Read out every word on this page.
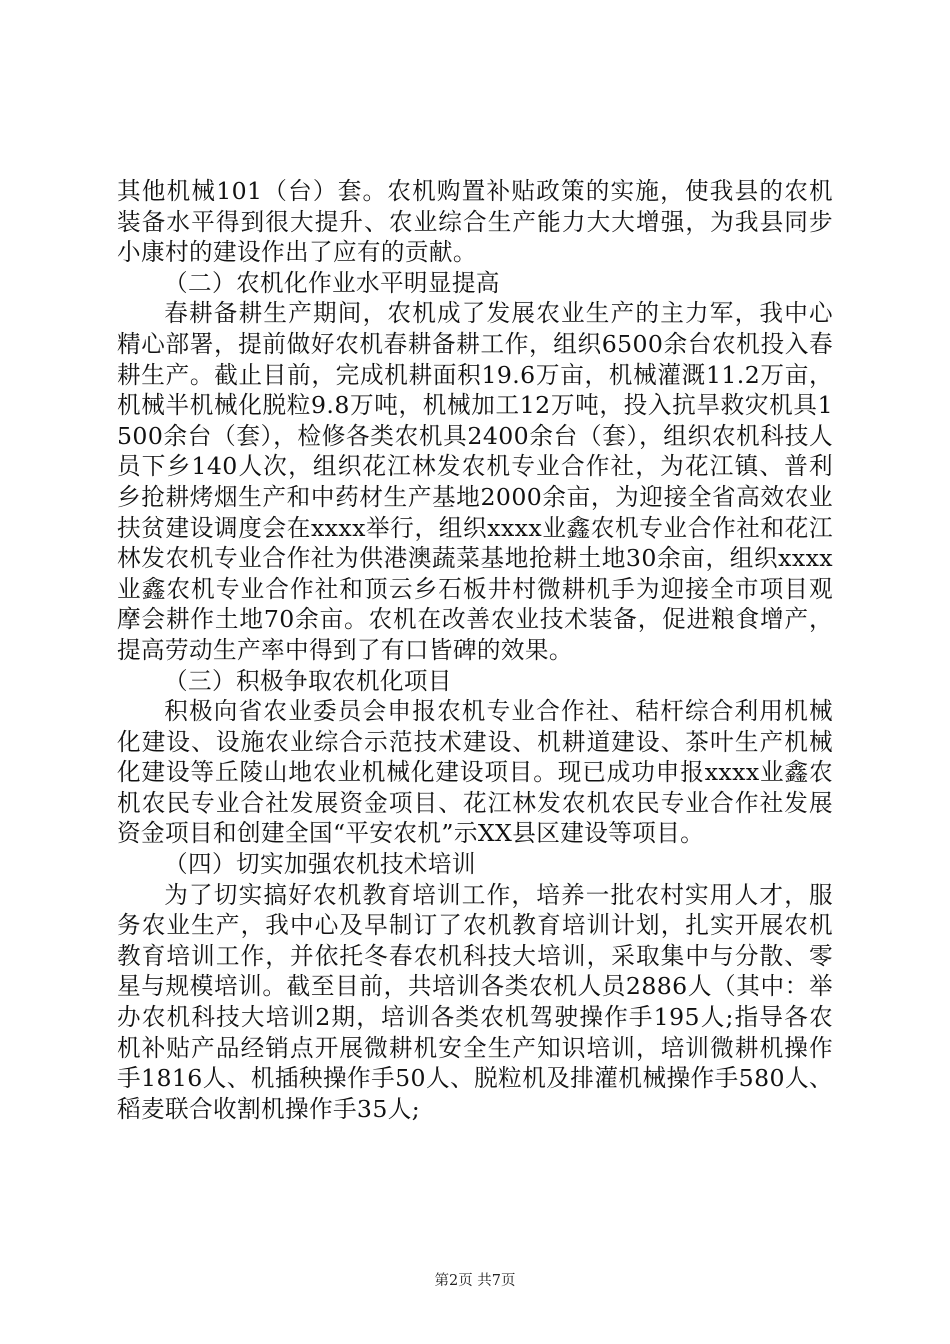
其他机械101（台）套。农机购置补贴政策的实施，使我县的农机装备水平得到很大提升、农业综合生产能力大大增强，为我县同步小康村的建设作出了应有的贡献。

（二）农机化作业水平明显提高

春耕备耕生产期间，农机成了发展农业生产的主力军，我中心精心部署，提前做好农机春耕备耕工作，组织6500余台农机投入春耕生产。截止目前，完成机耕面积19.6万亩，机械灌溉11.2万亩，机械半机械化脱粒9.8万吨，机械加工12万吨，投入抗旱救灾机具1500余台（套），检修各类农机具2400余台（套），组织农机科技人员下乡140人次，组织花江林发农机专业合作社，为花江镇、普利乡抢耕烤烟生产和中药材生产基地2000余亩，为迎接全省高效农业扶贫建设调度会在xxxx举行，组织xxxx业鑫农机专业合作社和花江林发农机专业合作社为供港澳蔬菜基地抢耕土地30余亩，组织xxxx业鑫农机专业合作社和顶云乡石板井村微耕机手为迎接全市项目观摩会耕作土地70余亩。农机在改善农业技术装备，促进粮食增产，提高劳动生产率中得到了有口皆碑的效果。

（三）积极争取农机化项目

积极向省农业委员会申报农机专业合作社、秸杆综合利用机械化建设、设施农业综合示范技术建设、机耕道建设、茶叶生产机械化建设等丘陵山地农业机械化建设项目。现已成功申报xxxx业鑫农机农民专业合社发展资金项目、花江林发农机农民专业合作社发展资金项目和创建全国“平安农机”示XX县区建设等项目。

（四）切实加强农机技术培训

为了切实搞好农机教育培训工作，培养一批农村实用人才，服务农业生产，我中心及早制订了农机教育培训计划，扎实开展农机教育培训工作，并依托冬春农机科技大培训，采取集中与分散、零星与规模培训。截至目前，共培训各类农机人员2886人（其中：举办农机科技大培训2期，培训各类农机驾驶操作手195人;指导各农机补贴产品经销点开展微耕机安全生产知识培训，培训微耕机操作手1816人、机插秧操作手50人、脱粒机及排灌机械操作手580人、稻麦联合收割机操作手35人;

第2页 共7页
